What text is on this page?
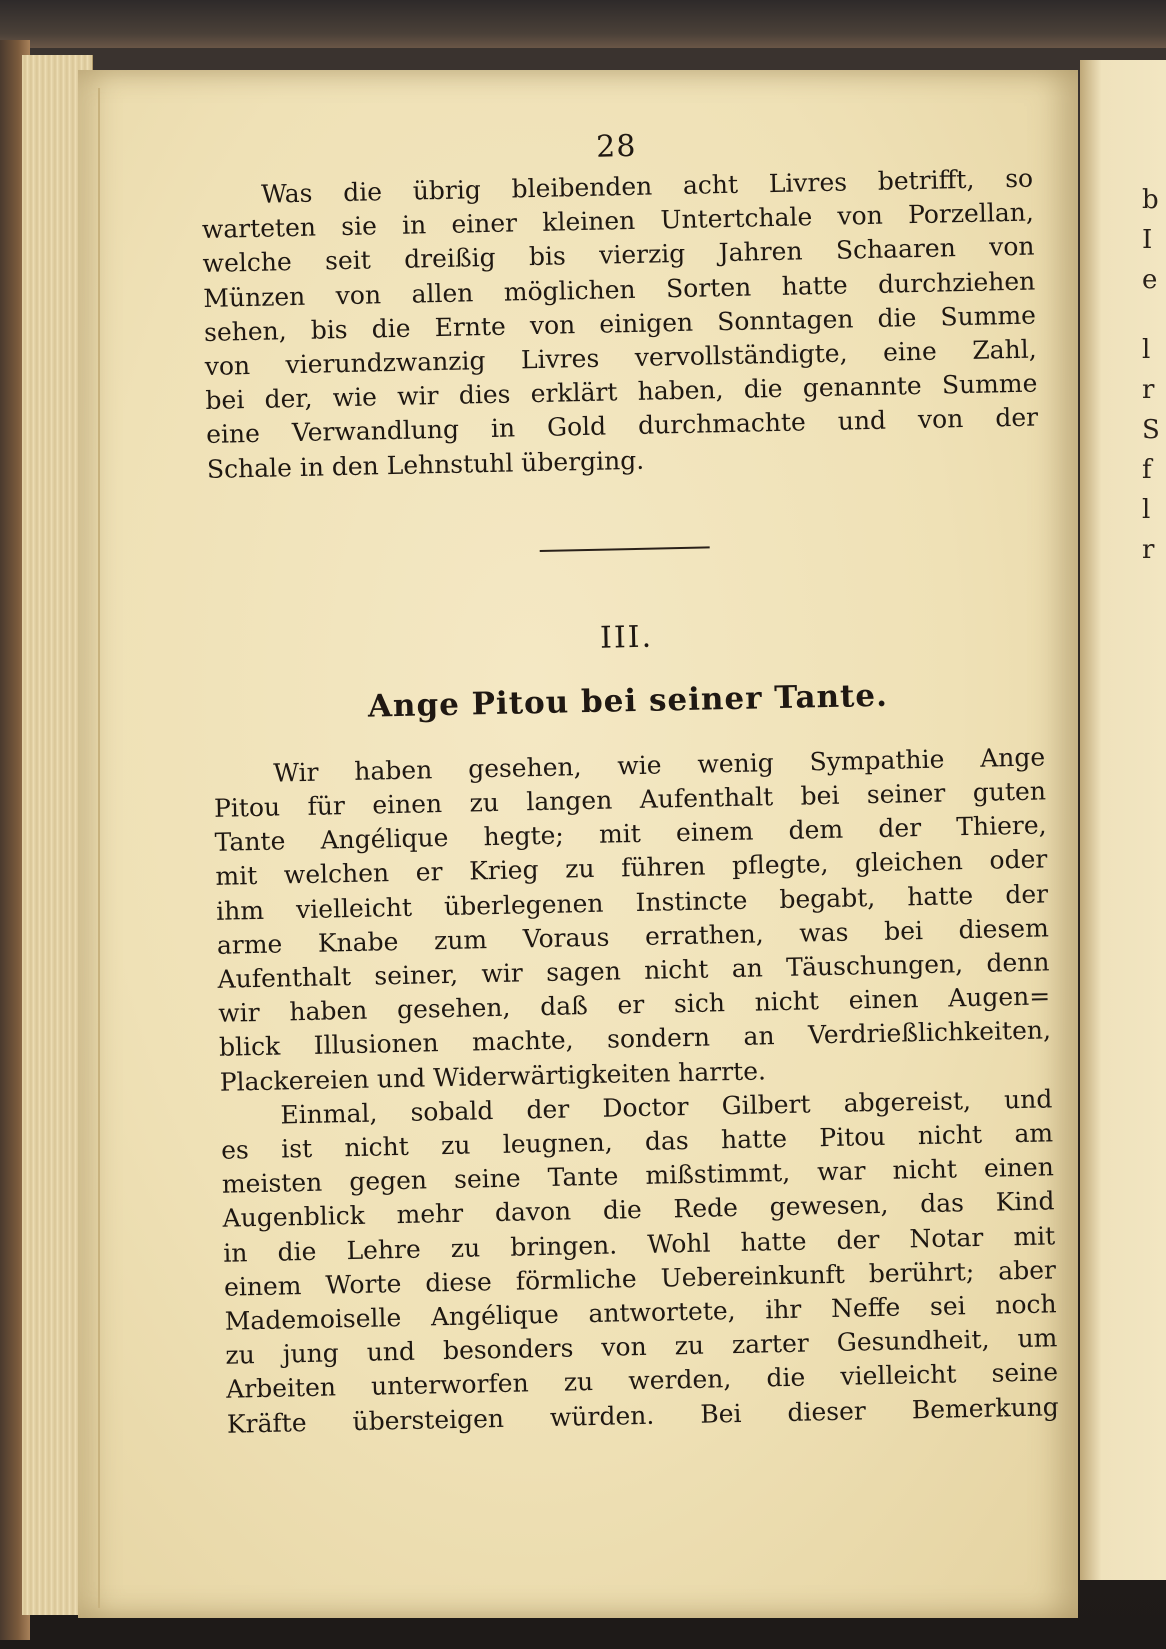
b
I
e
l
r
S
f
l
r
28

Was die übrig bleibenden acht Livres betrifft, so
warteten sie in einer kleinen Untertchale von Porzellan,
welche seit dreißig bis vierzig Jahren Schaaren von
Münzen von allen möglichen Sorten hatte durchziehen
sehen, bis die Ernte von einigen Sonntagen die Summe
von vierundzwanzig Livres vervollständigte, eine Zahl,
bei der, wie wir dies erklärt haben, die genannte Summe
eine Verwandlung in Gold durchmachte und von der
Schale in den Lehnstuhl überging.

III.
Ange Pitou bei seiner Tante.

Wir haben gesehen, wie wenig Sympathie Ange
Pitou für einen zu langen Aufenthalt bei seiner guten
Tante Angélique hegte; mit einem dem der Thiere,
mit welchen er Krieg zu führen pflegte, gleichen oder
ihm vielleicht überlegenen Instincte begabt, hatte der
arme Knabe zum Voraus errathen, was bei diesem
Aufenthalt seiner, wir sagen nicht an Täuschungen, denn
wir haben gesehen, daß er sich nicht einen Augen=
blick Illusionen machte, sondern an Verdrießlichkeiten,
Plackereien und Widerwärtigkeiten harrte.

Einmal, sobald der Doctor Gilbert abgereist, und
es ist nicht zu leugnen, das hatte Pitou nicht am
meisten gegen seine Tante mißstimmt, war nicht einen
Augenblick mehr davon die Rede gewesen, das Kind
in die Lehre zu bringen. Wohl hatte der Notar mit
einem Worte diese förmliche Uebereinkunft berührt; aber
Mademoiselle Angélique antwortete, ihr Neffe sei noch
zu jung und besonders von zu zarter Gesundheit, um
Arbeiten unterworfen zu werden, die vielleicht seine
Kräfte übersteigen würden. Bei dieser Bemerkung
